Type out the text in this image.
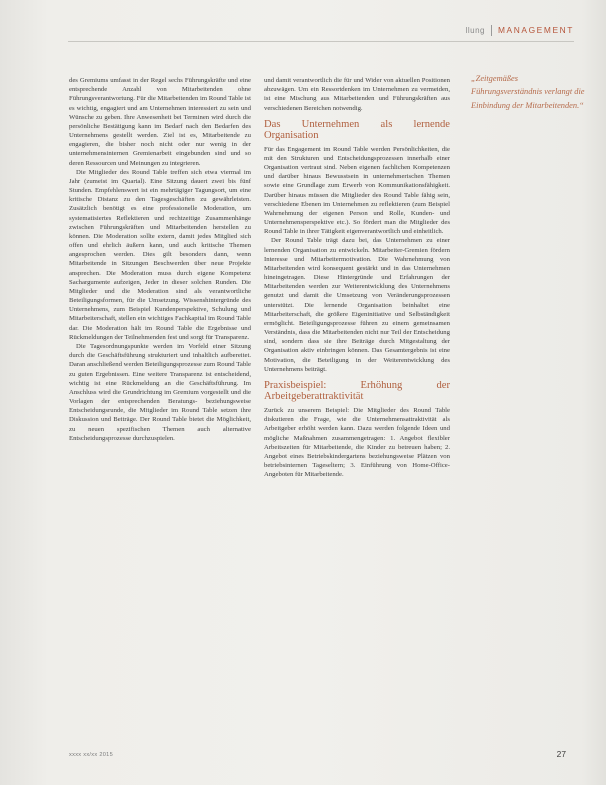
llung MANAGEMENT

des Gremiums umfasst in der Regel sechs Führungskräfte und eine entsprechende Anzahl von Mitarbeitenden ohne Führungsverantwortung. Für die Mitarbeitenden im Round Table ist es wichtig, engagiert und am Unternehmen interessiert zu sein und Wünsche zu geben. Ihre Anwesenheit bei Terminen wird durch die persönliche Bestätigung kann im Bedarf nach den Bedarfen des Unternehmens gestellt werden. Ziel ist es, Mitarbeitende zu engagieren, die bisher noch nicht oder nur wenig in der unternehmensinternen Gremienarbeit eingebunden sind und so deren Ressourcen und Meinungen zu integrieren.

Die Mitglieder des Round Table treffen sich etwa viermal im Jahr (zumeist im Quartal). Eine Sitzung dauert zwei bis fünf Stunden. Empfehlenswert ist ein mehrtägiger Tagungsort, um eine kritische Distanz zu den Tagesgeschäften zu gewährleisten. Zusätzlich benötigt es eine professionelle Moderation, um systematisiertes Reflektieren und rechtzeitige Zusammenhänge zwischen Führungskräften und Mitarbeitenden herstellen zu können. Die Moderation sollte extern, damit jedes Mitglied sich offen und ehrlich äußern kann, und auch kritische Themen angesprochen werden. Dies gilt besonders dann, wenn Mitarbeitende in Sitzungen Beschwerden über neue Projekte ansprechen. Die Moderation muss durch eigene Kompetenz Sachargumente aufzeigen, Jeder in dieser solchen Runden. Die Mitglieder und die Moderation sind als verantwortliche Beteiligungsformen, für die Umsetzung. Wissenshintergründe des Unternehmens, zum Beispiel Kundenperspektive, Schulung und Mitarbeiterschaft, stellen ein wichtiges Fachkapital im Round Table dar. Die Moderation hält im Round Table die Ergebnisse und Rückmeldungen der Teilnehmenden fest und sorgt für Transparenz.

Die Tagesordnungspunkte werden im Vorfeld einer Sitzung durch die Geschäftsführung strukturiert und inhaltlich aufbereitet. Daran anschließend werden Beteiligungsprozesse zum Round Table zu guten Ergebnissen. Eine weitere Transparenz ist entscheidend, wichtig ist eine Rückmeldung an die Geschäftsführung. Im Anschluss wird die Grundrichtung im Gremium vorgestellt und die Vorlagen der entsprechenden Beratungs- beziehungsweise Entscheidungsrunde, die Mitglieder im Round Table setzen ihre Diskussion und Beiträge. Der Round Table bietet die Möglichkeit, zu neuen spezifischen Themen auch alternative Entscheidungsprozesse durchzuspielen.

und damit verantwortlich die für und Wider von aktuellen Positionen abzuwägen. Um ein Ressortdenken im Unternehmen zu vermeiden, ist eine Mischung aus Mitarbeitenden und Führungskräften aus verschiedenen Bereichen notwendig.

Das Unternehmen als lernende Organisation

Für das Engagement im Round Table werden Persönlichkeiten, die mit den Strukturen und Entscheidungsprozessen innerhalb einer Organisation vertraut sind. Neben eigenen fachlichen Kompetenzen und darüber hinaus Bewusstsein in unternehmerischen Themen sowie eine Grundlage zum Erwerb von Kommunikationsfähigkeit. Darüber hinaus müssen die Mitglieder des Round Table fähig sein, verschiedene Ebenen im Unternehmen zu reflektieren (zum Beispiel Wahrnehmung der eigenen Person und Rolle, Kunden- und Unternehmensperspektive etc.). So fördert man die Mitglieder des Round Table in ihrer Tätigkeit eigenverantwortlich und einheitlich.

Der Round Table trägt dazu bei, das Unternehmen zu einer lernenden Organisation zu entwickeln. Mitarbeiter-Gremien fördern Interesse und Mitarbeitermotivation. Die Wahrnehmung von Mitarbeitenden wird konsequent gestärkt und in das Unternehmen hineingetragen. Diese Hintergründe und Erfahrungen der Mitarbeitenden werden zur Weiterentwicklung des Unternehmens genutzt und damit die Umsetzung von Veränderungsprozessen unterstützt. Die lernende Organisation beinhaltet eine Mitarbeiterschaft, die größere Eigeninitiative und Selbständigkeit ermöglicht. Beteiligungsprozesse führen zu einem gemeinsamen Verständnis, dass die Mitarbeitenden nicht nur Teil der Entscheidung sind, sondern dass sie ihre Beiträge durch Mitgestaltung der Organisation aktiv einbringen können. Das Gesamtergebnis ist eine Motivation, die Beteiligung in der Weiterentwicklung des Unternehmens beiträgt.

Praxisbeispiel: Erhöhung der Arbeitgeberattraktivität

Zurück zu unserem Beispiel: Die Mitglieder des Round Table diskutieren die Frage, wie die Unternehmensattraktivität als Arbeitgeber erhöht werden kann. Dazu werden folgende Ideen und mögliche Maßnahmen zusammengetragen: 1. Angebot flexibler Arbeitszeiten für Mitarbeitende, die Kinder zu betreuen haben; 2. Angebot eines Betriebskindergartens beziehungsweise Plätzen von betriebsinternen Tageseltern; 3. Einführung von Home-Office-Angeboten für Mitarbeitende.

„Zeitgemäßes Führungsverständnis verlangt die Einbindung der Mitarbeitenden.“
xxxx xx/xx 2015	27
